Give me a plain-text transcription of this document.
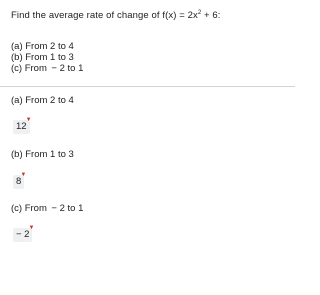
Find the average rate of change of $f(x) = 2x^2 + 6$:
(a) From 2 to 4
(b) From 1 to 3
(c) From  − 2 to 1
(a) From 2 to 4
12
▼
(b) From 1 to 3
8
▼
(c) From  − 2 to 1
− 2
▼
